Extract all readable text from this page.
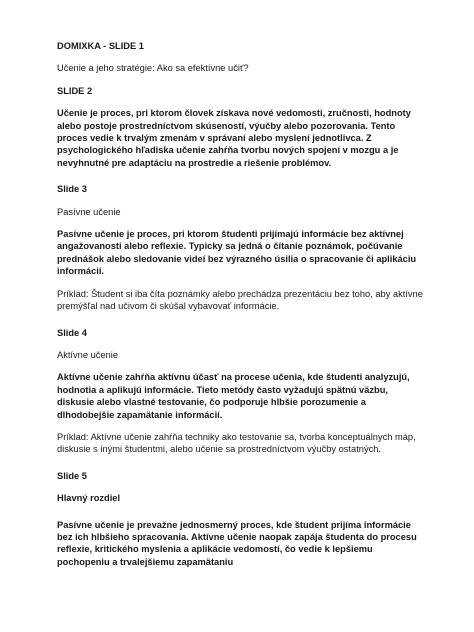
DOMIXKA - SLIDE 1

Učenie a jeho stratégie: Ako sa efektívne učiť?

SLIDE 2

Učenie je proces, pri ktorom človek získava nové vedomosti, zručnosti, hodnoty alebo postoje prostredníctvom skúseností, výučby alebo pozorovania. Tento proces vedie k trvalým zmenám v správaní alebo myslení jednotlivca. Z psychologického hľadiska učenie zahŕňa tvorbu nových spojení v mozgu a je nevyhnutné pre adaptáciu na prostredie a riešenie problémov.

Slide 3

Pasívne učenie

Pasívne učenie je proces, pri ktorom študenti prijímajú informácie bez aktívnej angažovanosti alebo reflexie. Typicky sa jedná o čítanie poznámok, počúvanie prednášok alebo sledovanie videí bez výrazného úsilia o spracovanie či aplikáciu informácií.

Príklad: Študent si iba číta poznámky alebo prechádza prezentáciu bez toho, aby aktívne premýšľal nad učivom či skúšal vybavovať informácie.

Slide 4

Aktívne učenie

Aktívne učenie zahŕňa aktívnu účasť na procese učenia, kde študenti analyzujú, hodnotia a aplikujú informácie. Tieto metódy často vyžadujú spätnú väzbu, diskusie alebo vlastné testovanie, čo podporuje hlbšie porozumenie a dlhodobejšie zapamätanie informácií.

Príklad: Aktívne učenie zahŕňa techniky ako testovanie sa, tvorba konceptuálnych máp, diskusie s inými študentmi, alebo učenie sa prostredníctvom výučby ostatných.

Slide 5

Hlavný rozdiel

Pasívne učenie je prevažne jednosmerný proces, kde študent prijíma informácie bez ich hlbšieho spracovania. Aktívne učenie naopak zapája študenta do procesu reflexie, kritického myslenia a aplikácie vedomostí, čo vedie k lepšiemu pochopeniu a trvalejšiemu zapamätaniu
